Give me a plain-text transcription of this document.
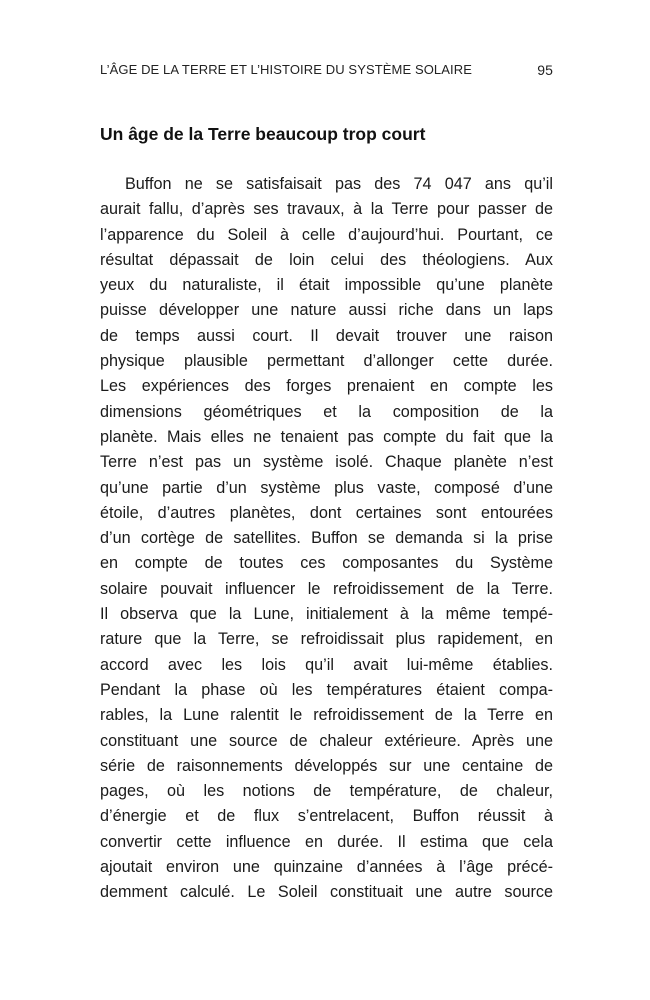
L’ÂGE DE LA TERRE ET L’HISTOIRE DU SYSTÈME SOLAIRE	95
Un âge de la Terre beaucoup trop court
Buffon ne se satisfaisait pas des 74 047 ans qu’il
aurait fallu, d’après ses travaux, à la Terre pour passer de
l’apparence du Soleil à celle d’aujourd’hui. Pourtant, ce
résultat dépassait de loin celui des théologiens. Aux
yeux du naturaliste, il était impossible qu’une planète
puisse développer une nature aussi riche dans un laps
de temps aussi court. Il devait trouver une raison
physique plausible permettant d’allonger cette durée.
Les expériences des forges prenaient en compte les
dimensions géométriques et la composition de la
planète. Mais elles ne tenaient pas compte du fait que la
Terre n’est pas un système isolé. Chaque planète n’est
qu’une partie d’un système plus vaste, composé d’une
étoile, d’autres planètes, dont certaines sont entourées
d’un cortège de satellites. Buffon se demanda si la prise
en compte de toutes ces composantes du Système
solaire pouvait influencer le refroidissement de la Terre.
Il observa que la Lune, initialement à la même tempé-
rature que la Terre, se refroidissait plus rapidement, en
accord avec les lois qu’il avait lui-même établies.
Pendant la phase où les températures étaient compa-
rables, la Lune ralentit le refroidissement de la Terre en
constituant une source de chaleur extérieure. Après une
série de raisonnements développés sur une centaine de
pages, où les notions de température, de chaleur,
d’énergie et de flux s’entrelacent, Buffon réussit à
convertir cette influence en durée. Il estima que cela
ajoutait environ une quinzaine d’années à l’âge précé-
demment calculé. Le Soleil constituait une autre source
